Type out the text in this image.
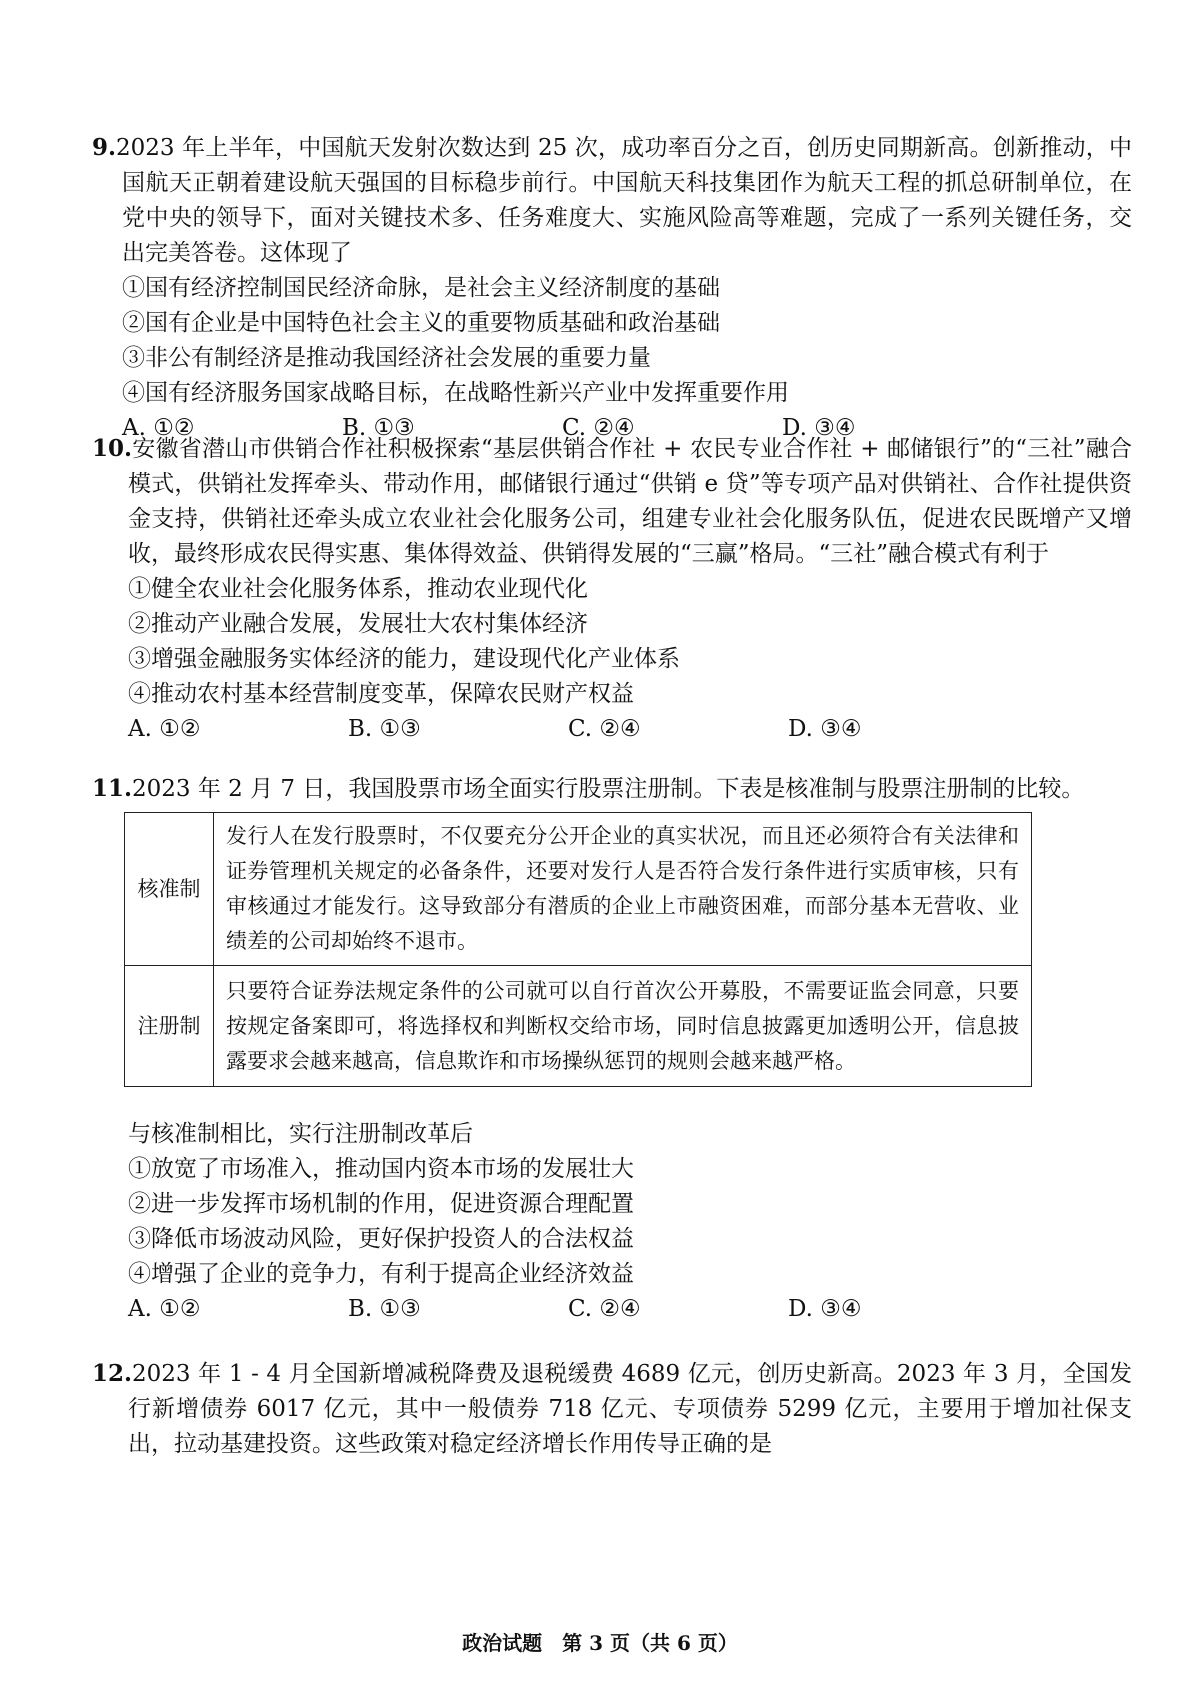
9.2023 年上半年，中国航天发射次数达到 25 次，成功率百分之百，创历史同期新高。创新推动，中国航天正朝着建设航天强国的目标稳步前行。中国航天科技集团作为航天工程的抓总研制单位，在党中央的领导下，面对关键技术多、任务难度大、实施风险高等难题，完成了一系列关键任务，交出完美答卷。这体现了
①国有经济控制国民经济命脉，是社会主义经济制度的基础
②国有企业是中国特色社会主义的重要物质基础和政治基础
③非公有制经济是推动我国经济社会发展的重要力量
④国有经济服务国家战略目标，在战略性新兴产业中发挥重要作用
A. ①②	B. ①③	C. ②④	D. ③④
10.安徽省潜山市供销合作社积极探索“基层供销合作社 + 农民专业合作社 + 邮储银行”的“三社”融合模式，供销社发挥牵头、带动作用，邮储银行通过“供销 e 贷”等专项产品对供销社、合作社提供资金支持，供销社还牵头成立农业社会化服务公司，组建专业社会化服务队伍，促进农民既增产又增收，最终形成农民得实惠、集体得效益、供销得发展的“三赢”格局。“三社”融合模式有利于
①健全农业社会化服务体系，推动农业现代化
②推动产业融合发展，发展壮大农村集体经济
③增强金融服务实体经济的能力，建设现代化产业体系
④推动农村基本经营制度变革，保障农民财产权益
A. ①②	B. ①③	C. ②④	D. ③④
11.2023 年 2 月 7 日，我国股票市场全面实行股票注册制。下表是核准制与股票注册制的比较。
核准制	发行人在发行股票时，不仅要充分公开企业的真实状况，而且还必须符合有关法律和证券管理机关规定的必备条件，还要对发行人是否符合发行条件进行实质审核，只有审核通过才能发行。这导致部分有潜质的企业上市融资困难，而部分基本无营收、业绩差的公司却始终不退市。
注册制	只要符合证券法规定条件的公司就可以自行首次公开募股，不需要证监会同意，只要按规定备案即可，将选择权和判断权交给市场，同时信息披露更加透明公开，信息披露要求会越来越高，信息欺诈和市场操纵惩罚的规则会越来越严格。
与核准制相比，实行注册制改革后
①放宽了市场准入，推动国内资本市场的发展壮大
②进一步发挥市场机制的作用，促进资源合理配置
③降低市场波动风险，更好保护投资人的合法权益
④增强了企业的竞争力，有利于提高企业经济效益
A. ①②	B. ①③	C. ②④	D. ③④
12.2023 年 1 - 4 月全国新增减税降费及退税缓费 4689 亿元，创历史新高。2023 年 3 月，全国发行新增债券 6017 亿元，其中一般债券 718 亿元、专项债券 5299 亿元，主要用于增加社保支出，拉动基建投资。这些政策对稳定经济增长作用传导正确的是
政治试题　第 3 页（共 6 页）
